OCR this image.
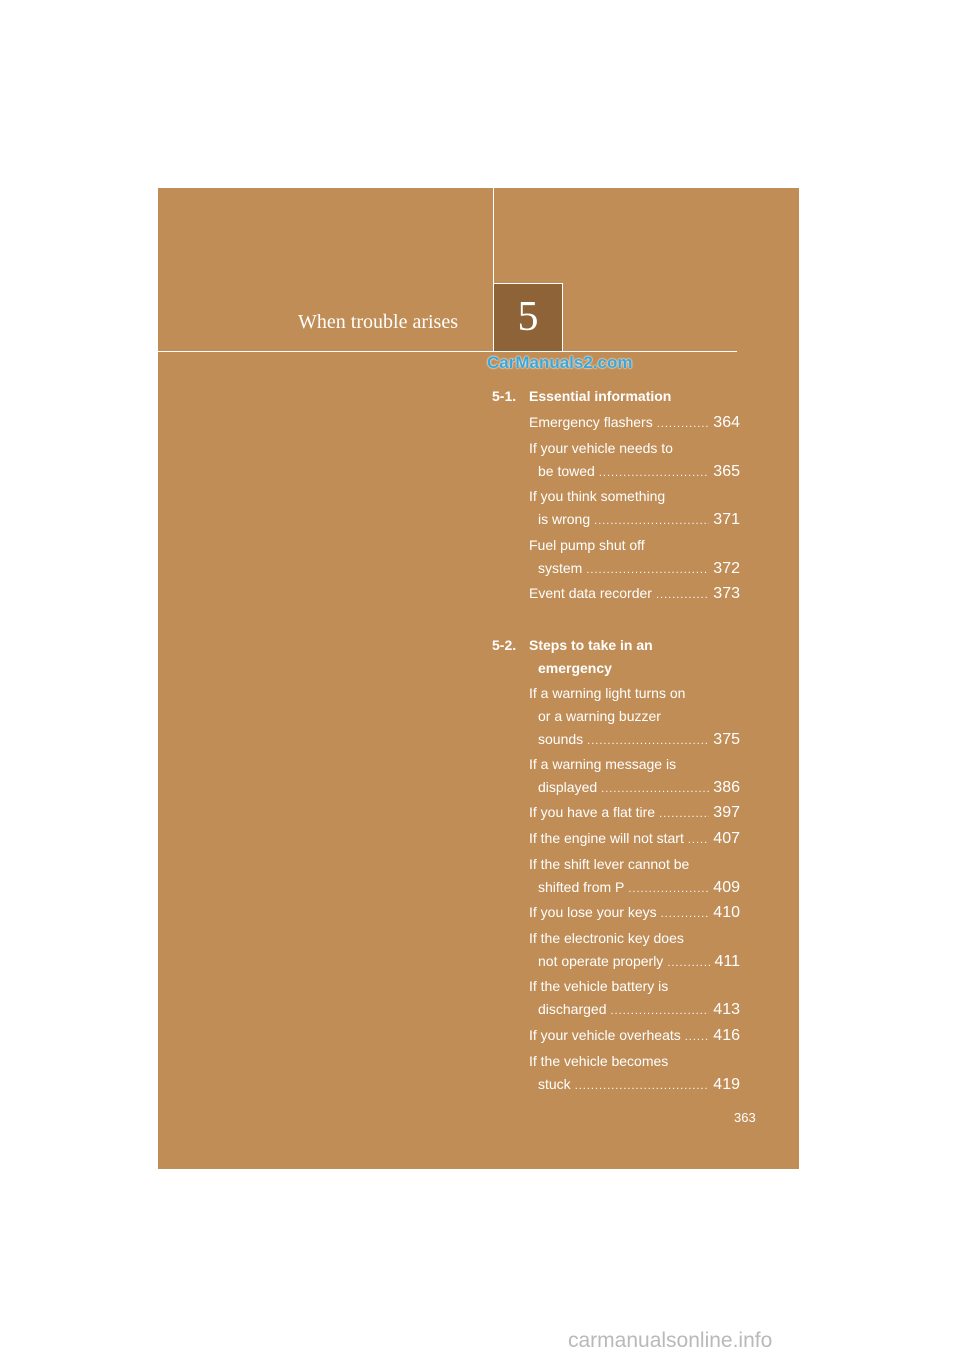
When trouble arises	5
CarManuals2.com
5-1. Essential information
Emergency flashers .....	364
If your vehicle needs to
be towed .....	365
If you think something
is wrong .....	371
Fuel pump shut off
system .....	372
Event data recorder .....	373
5-2. Steps to take in an
emergency
If a warning light turns on
or a warning buzzer
sounds .....	375
If a warning message is
displayed .....	386
If you have a flat tire .....	397
If the engine will not start ..... 407
If the shift lever cannot be
shifted from P .....	409
If you lose your keys .....	410
If the electronic key does
not operate properly .....	411
If the vehicle battery is
discharged .....	413
If your vehicle overheats ..... 416
If the vehicle becomes
stuck .....	419
363
carmanualsonline.info
